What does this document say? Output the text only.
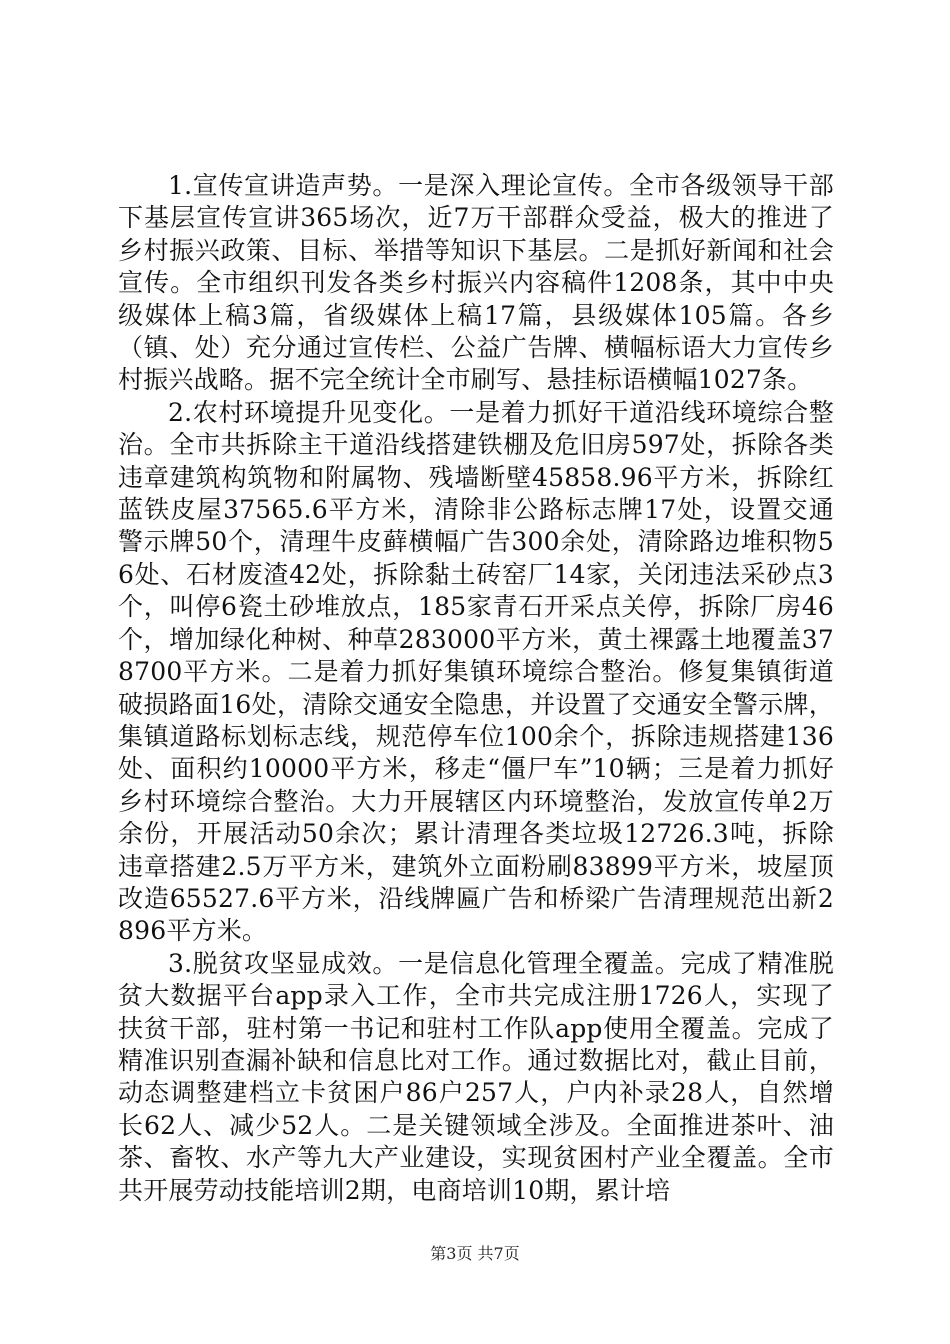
1.宣传宣讲造声势。一是深入理论宣传。全市各级领导干部下基层宣传宣讲365场次，近7万干部群众受益，极大的推进了乡村振兴政策、目标、举措等知识下基层。二是抓好新闻和社会宣传。全市组织刊发各类乡村振兴内容稿件1208条，其中中央级媒体上稿3篇，省级媒体上稿17篇，县级媒体105篇。各乡（镇、处）充分通过宣传栏、公益广告牌、横幅标语大力宣传乡村振兴战略。据不完全统计全市刷写、悬挂标语横幅1027条。

2.农村环境提升见变化。一是着力抓好干道沿线环境综合整治。全市共拆除主干道沿线搭建铁棚及危旧房597处，拆除各类违章建筑构筑物和附属物、残墙断壁45858.96平方米，拆除红蓝铁皮屋37565.6平方米，清除非公路标志牌17处，设置交通警示牌50个，清理牛皮藓横幅广告300余处，清除路边堆积物56处、石材废渣42处，拆除黏土砖窑厂14家，关闭违法采砂点3个，叫停6瓷土砂堆放点，185家青石开采点关停，拆除厂房46个，增加绿化种树、种草283000平方米，黄土裸露土地覆盖378700平方米。二是着力抓好集镇环境综合整治。修复集镇街道破损路面16处，清除交通安全隐患，并设置了交通安全警示牌，集镇道路标划标志线，规范停车位100余个，拆除违规搭建136处、面积约10000平方米，移走“僵尸车”10辆；三是着力抓好乡村环境综合整治。大力开展辖区内环境整治，发放宣传单2万余份，开展活动50余次；累计清理各类垃圾12726.3吨，拆除违章搭建2.5万平方米，建筑外立面粉刷83899平方米，坡屋顶改造65527.6平方米，沿线牌匾广告和桥梁广告清理规范出新2896平方米。

3.脱贫攻坚显成效。一是信息化管理全覆盖。完成了精准脱贫大数据平台app录入工作，全市共完成注册1726人，实现了扶贫干部，驻村第一书记和驻村工作队app使用全覆盖。完成了精准识别查漏补缺和信息比对工作。通过数据比对，截止目前，动态调整建档立卡贫困户86户257人，户内补录28人，自然增长62人、减少52人。二是关键领域全涉及。全面推进茶叶、油茶、畜牧、水产等九大产业建设，实现贫困村产业全覆盖。全市共开展劳动技能培训2期，电商培训10期，累计培

第3页 共7页
